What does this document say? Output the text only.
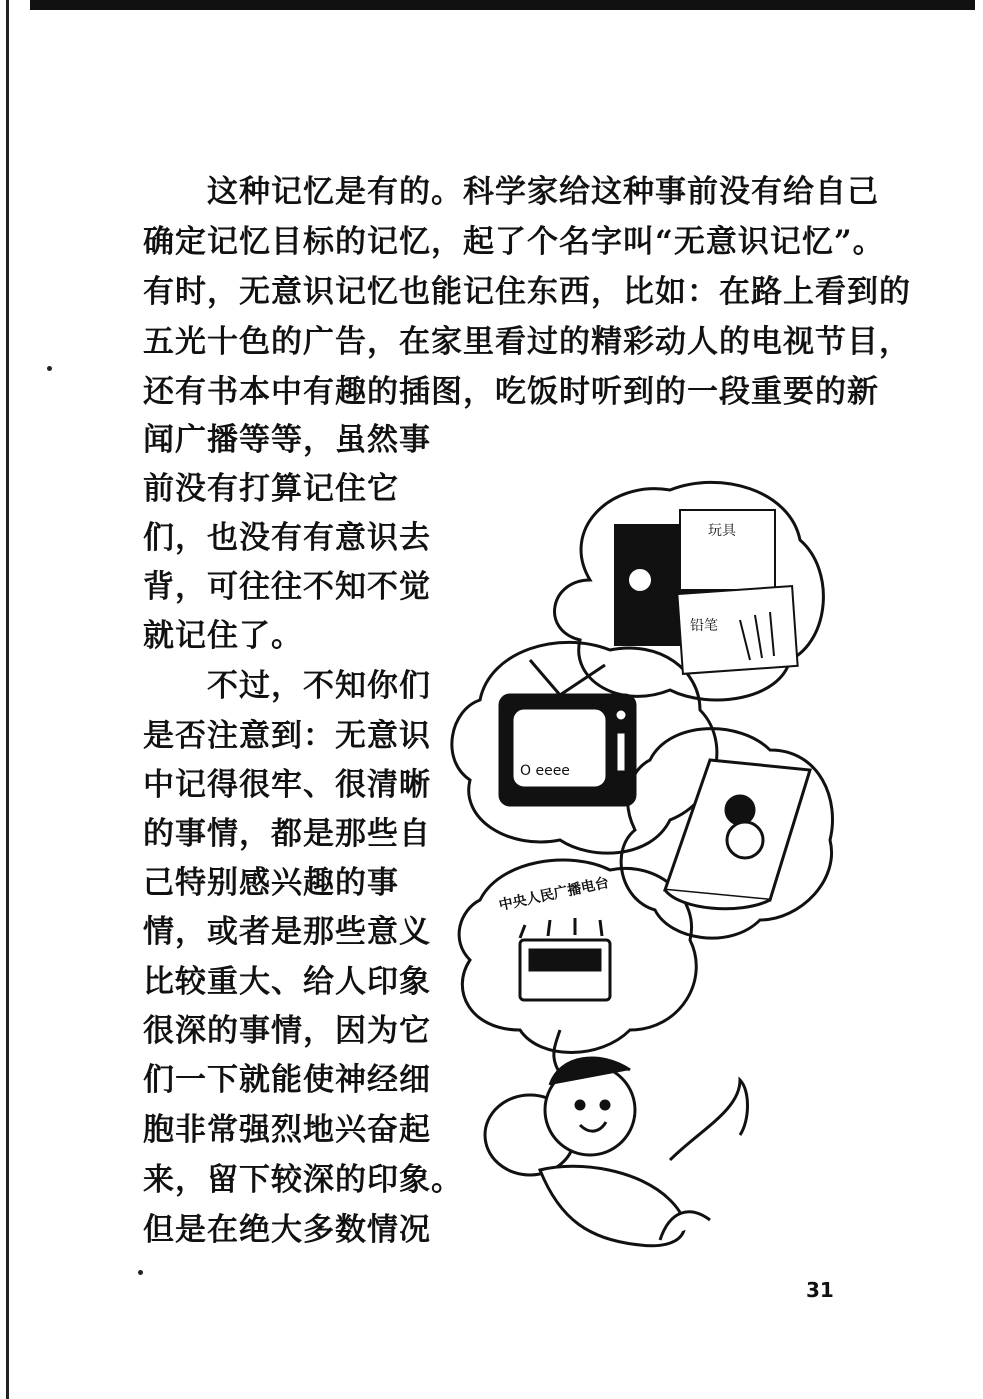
　　这种记忆是有的。科学家给这种事前没有给自己
确定记忆目标的记忆，起了个名字叫“无意识记忆”。
有时，无意识记忆也能记住东西，比如：在路上看到的
五光十色的广告，在家里看过的精彩动人的电视节目，
还有书本中有趣的插图，吃饭时听到的一段重要的新
闻广播等等，虽然事
前没有打算记住它
们，也没有有意识去
背，可往往不知不觉
就记住了。
　　不过，不知你们
是否注意到：无意识
中记得很牢、很清晰
的事情，都是那些自
己特别感兴趣的事
情，或者是那些意义
比较重大、给人印象
很深的事情，因为它
们一下就能使神经细
胞非常强烈地兴奋起
来，留下较深的印象。
但是在绝大多数情况
玩具
铅笔
O eeee
中央人民广播电台
31
